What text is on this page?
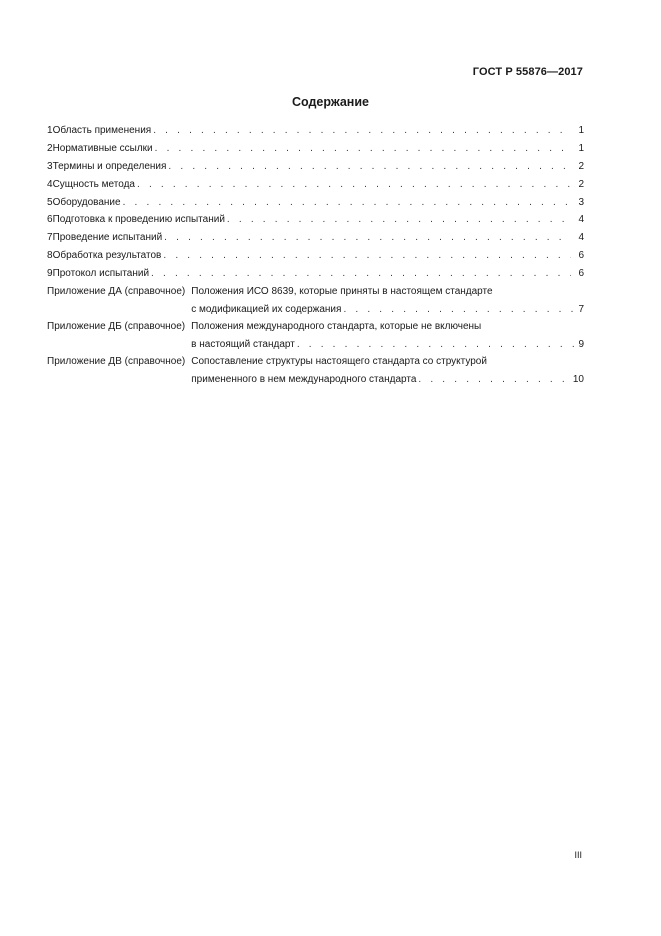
ГОСТ Р 55876—2017
Содержание
1 Область применения . . .	1
2 Нормативные ссылки . . .	1
3 Термины и определения . . .	2
4 Сущность метода . . .	2
5 Оборудование . . .	3
6 Подготовка к проведению испытаний . . .	4
7 Проведение испытаний . . .	4
8 Обработка результатов . . .	6
9 Протокол испытаний . . .	6
Приложение ДА (справочное) Положения ИСО 8639, которые приняты в настоящем стандарте
с модификацией их содержания . . .	7
Приложение ДБ (справочное) Положения международного стандарта, которые не включены
в настоящий стандарт . . .	9
Приложение ДВ (справочное) Сопоставление структуры настоящего стандарта со структурой
примененного в нем международного стандарта . . .	10
III
